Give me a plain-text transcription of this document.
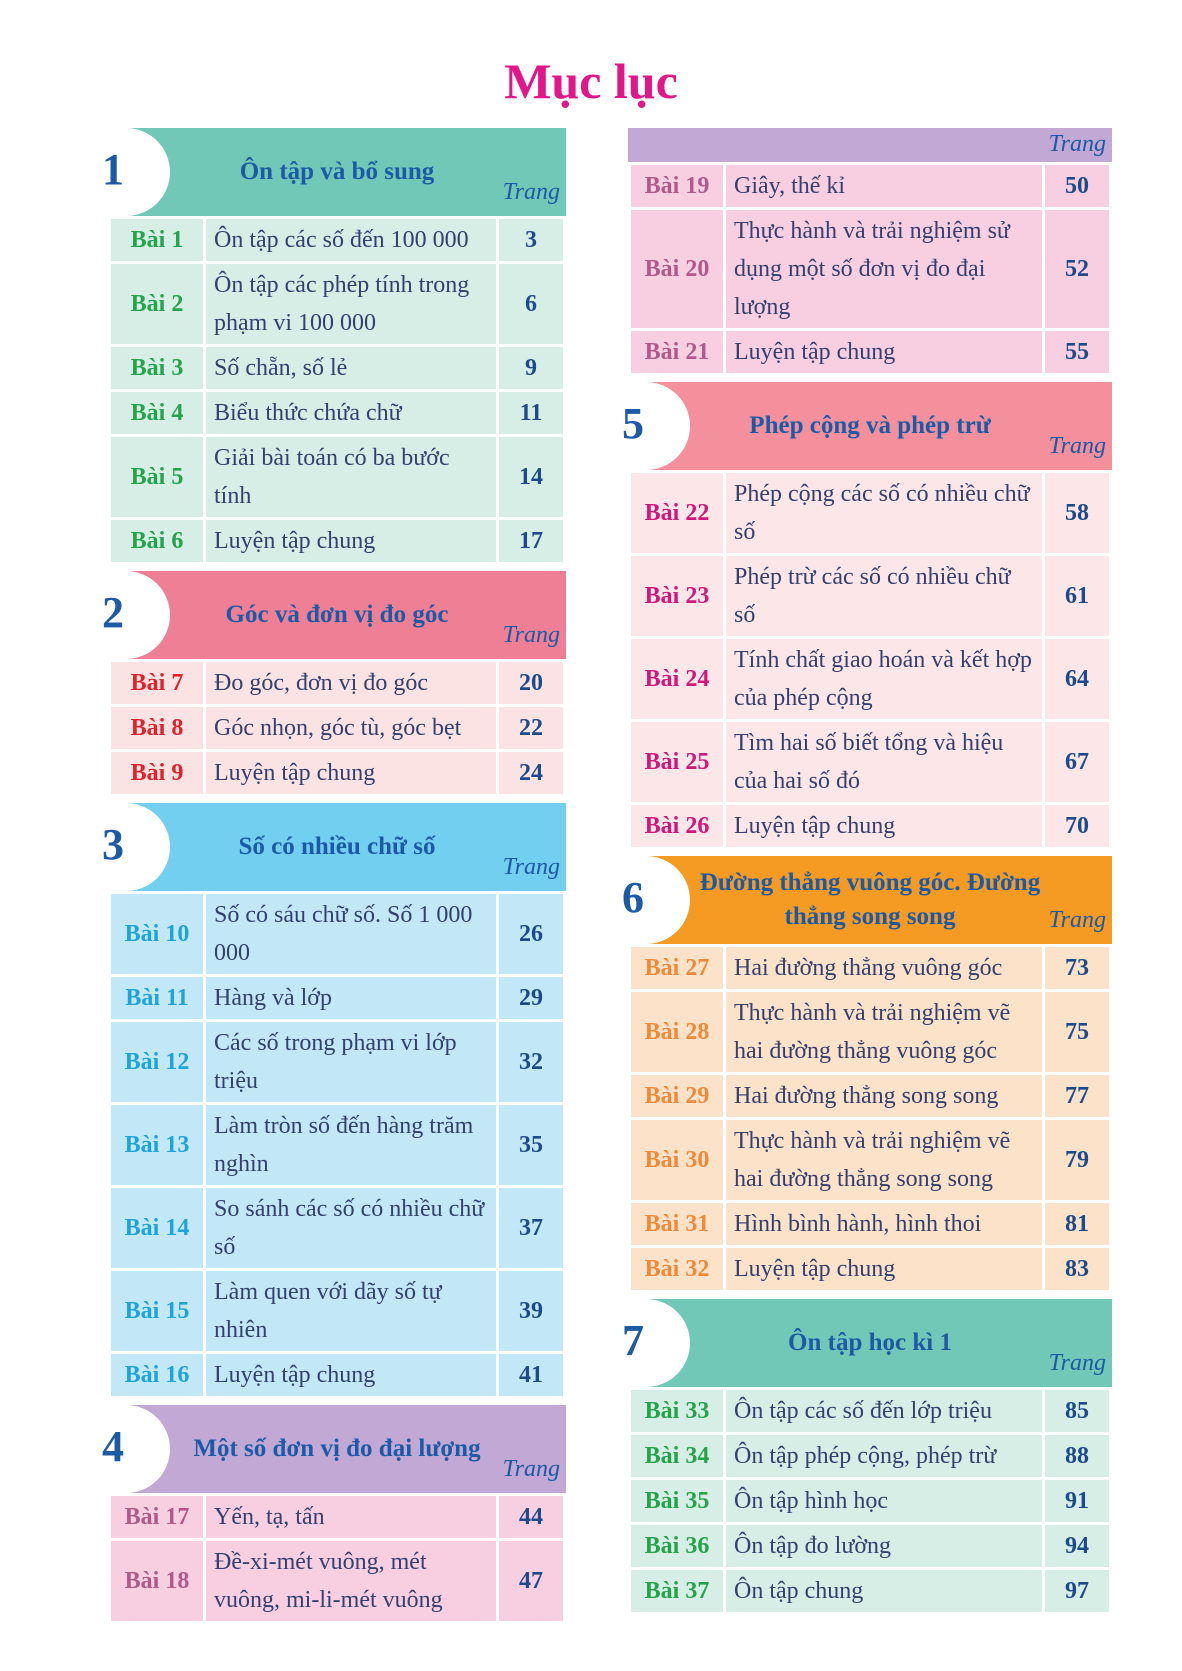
Mục lục
1	Ôn tập và bổ sung
Trang
Bài 1	Ôn tập các số đến 100 000	3
Bài 2	Ôn tập các phép tính trong phạm vi 100 000	6
Bài 3	Số chẵn, số lẻ	9
Bài 4	Biểu thức chứa chữ	11
Bài 5	Giải bài toán có ba bước tính	14
Bài 6	Luyện tập chung	17
2	Góc và đơn vị đo góc
Trang
Bài 7	Đo góc, đơn vị đo góc	20
Bài 8	Góc nhọn, góc tù, góc bẹt	22
Bài 9	Luyện tập chung	24
3	Số có nhiều chữ số
Trang
Bài 10	Số có sáu chữ số. Số 1 000 000	26
Bài 11	Hàng và lớp	29
Bài 12	Các số trong phạm vi lớp triệu	32
Bài 13	Làm tròn số đến hàng trăm nghìn	35
Bài 14	So sánh các số có nhiều chữ số	37
Bài 15	Làm quen với dãy số tự nhiên	39
Bài 16	Luyện tập chung	41
4	Một số đơn vị đo đại lượng
Trang
Bài 17	Yến, tạ, tấn	44
Bài 18	Đề-xi-mét vuông, mét vuông, mi-li-mét vuông	47
Trang
Bài 19	Giây, thế kỉ	50
Bài 20	Thực hành và trải nghiệm sử dụng một số đơn vị đo đại lượng	52
Bài 21	Luyện tập chung	55
5	Phép cộng và phép trừ
Trang
Bài 22	Phép cộng các số có nhiều chữ số	58
Bài 23	Phép trừ các số có nhiều chữ số	61
Bài 24	Tính chất giao hoán và kết hợp của phép cộng	64
Bài 25	Tìm hai số biết tổng và hiệu của hai số đó	67
Bài 26	Luyện tập chung	70
6 Đường thẳng vuông góc. Đường thẳng song song	Trang
Bài 27	Hai đường thẳng vuông góc	73
Bài 28	Thực hành và trải nghiệm vẽ hai đường thẳng vuông góc	75
Bài 29	Hai đường thẳng song song	77
Bài 30	Thực hành và trải nghiệm vẽ hai đường thẳng song song	79
Bài 31	Hình bình hành, hình thoi	81
Bài 32	Luyện tập chung	83
7	Ôn tập học kì 1
Trang
Bài 33	Ôn tập các số đến lớp triệu	85
Bài 34	Ôn tập phép cộng, phép trừ	88
Bài 35	Ôn tập hình học	91
Bài 36	Ôn tập đo lường	94
Bài 37	Ôn tập chung	97
